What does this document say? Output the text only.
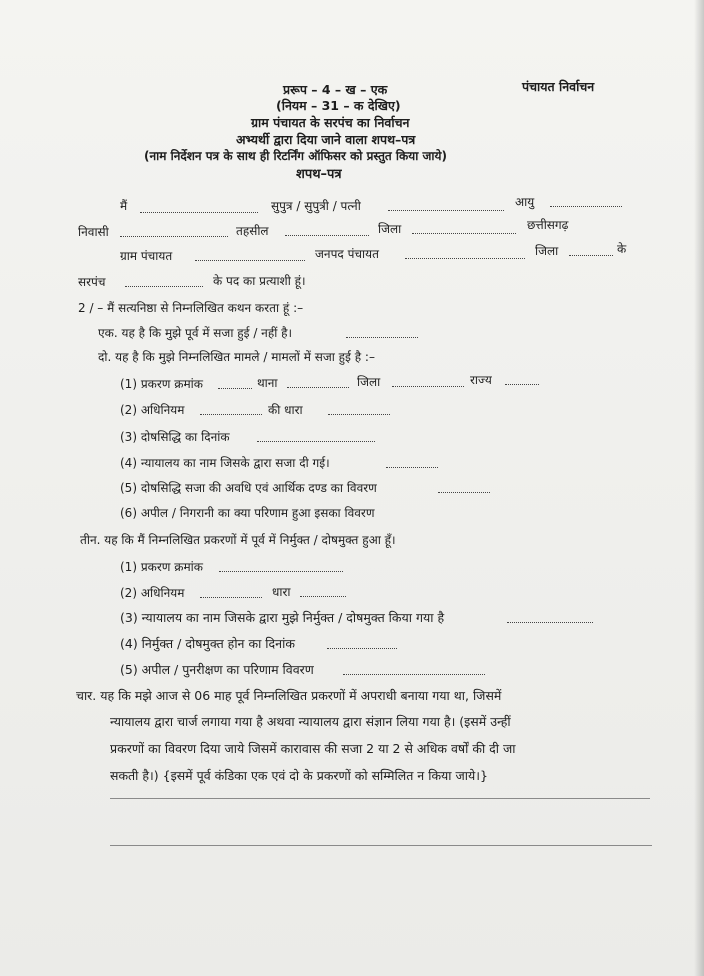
प्ररूप – 4 – ख – एक	पंचायत निर्वाचन
(नियम – 31 – क देखिए)
ग्राम पंचायत के सरपंच का निर्वाचन
अभ्यर्थी द्वारा दिया जाने वाला शपथ–पत्र
(नाम निर्देशन पत्र के साथ ही रिटर्निंग ऑफिसर को प्रस्तुत किया जाये)
शपथ–पत्र
मैं	सुपुत्र / सुपुत्री / पत्नी	आयु
निवासी	तहसील	जिला	छत्तीसगढ़
ग्राम पंचायत	जनपद पंचायत	जिला	के
सरपंच	के पद का प्रत्याशी हूं।
2 / – मैं सत्यनिष्ठा से निम्नलिखित कथन करता हूं :–
एक. यह है कि मुझे पूर्व में सजा हुई / नहीं है।
दो. यह है कि मुझे निम्नलिखित मामले / मामलों में सजा हुई है :–
(1) प्रकरण क्रमांक	थाना	जिला	राज्य
(2) अधिनियम	की धारा
(3) दोषसिद्धि का दिनांक
(4) न्यायालय का नाम जिसके द्वारा सजा दी गई।
(5) दोषसिद्धि सजा की अवधि एवं आर्थिक दण्ड का विवरण
(6) अपील / निगरानी का क्या परिणाम हुआ इसका विवरण
तीन. यह कि मैं निम्नलिखित प्रकरणों में पूर्व में निर्मुक्त / दोषमुक्त हुआ हूँ।
(1) प्रकरण क्रमांक
(2) अधिनियम	धारा
(3) न्यायालय का नाम जिसके द्वारा मुझे निर्मुक्त / दोषमुक्त किया गया है
(4) निर्मुक्त / दोषमुक्त होन का दिनांक
(5) अपील / पुनरीक्षण का परिणाम विवरण
चार. यह कि मझे आज से 06 माह पूर्व निम्नलिखित प्रकरणों में अपराधी बनाया गया था, जिसमें
न्यायालय द्वारा चार्ज लगाया गया है अथवा न्यायालय द्वारा संज्ञान लिया गया है। (इसमें उन्हीं
प्रकरणों का विवरण दिया जाये जिसमें कारावास की सजा 2 या 2 से अधिक वर्षों की दी जा
सकती है।) {इसमें पूर्व कंडिका एक एवं दो के प्रकरणों को सम्मिलित न किया जाये।}
